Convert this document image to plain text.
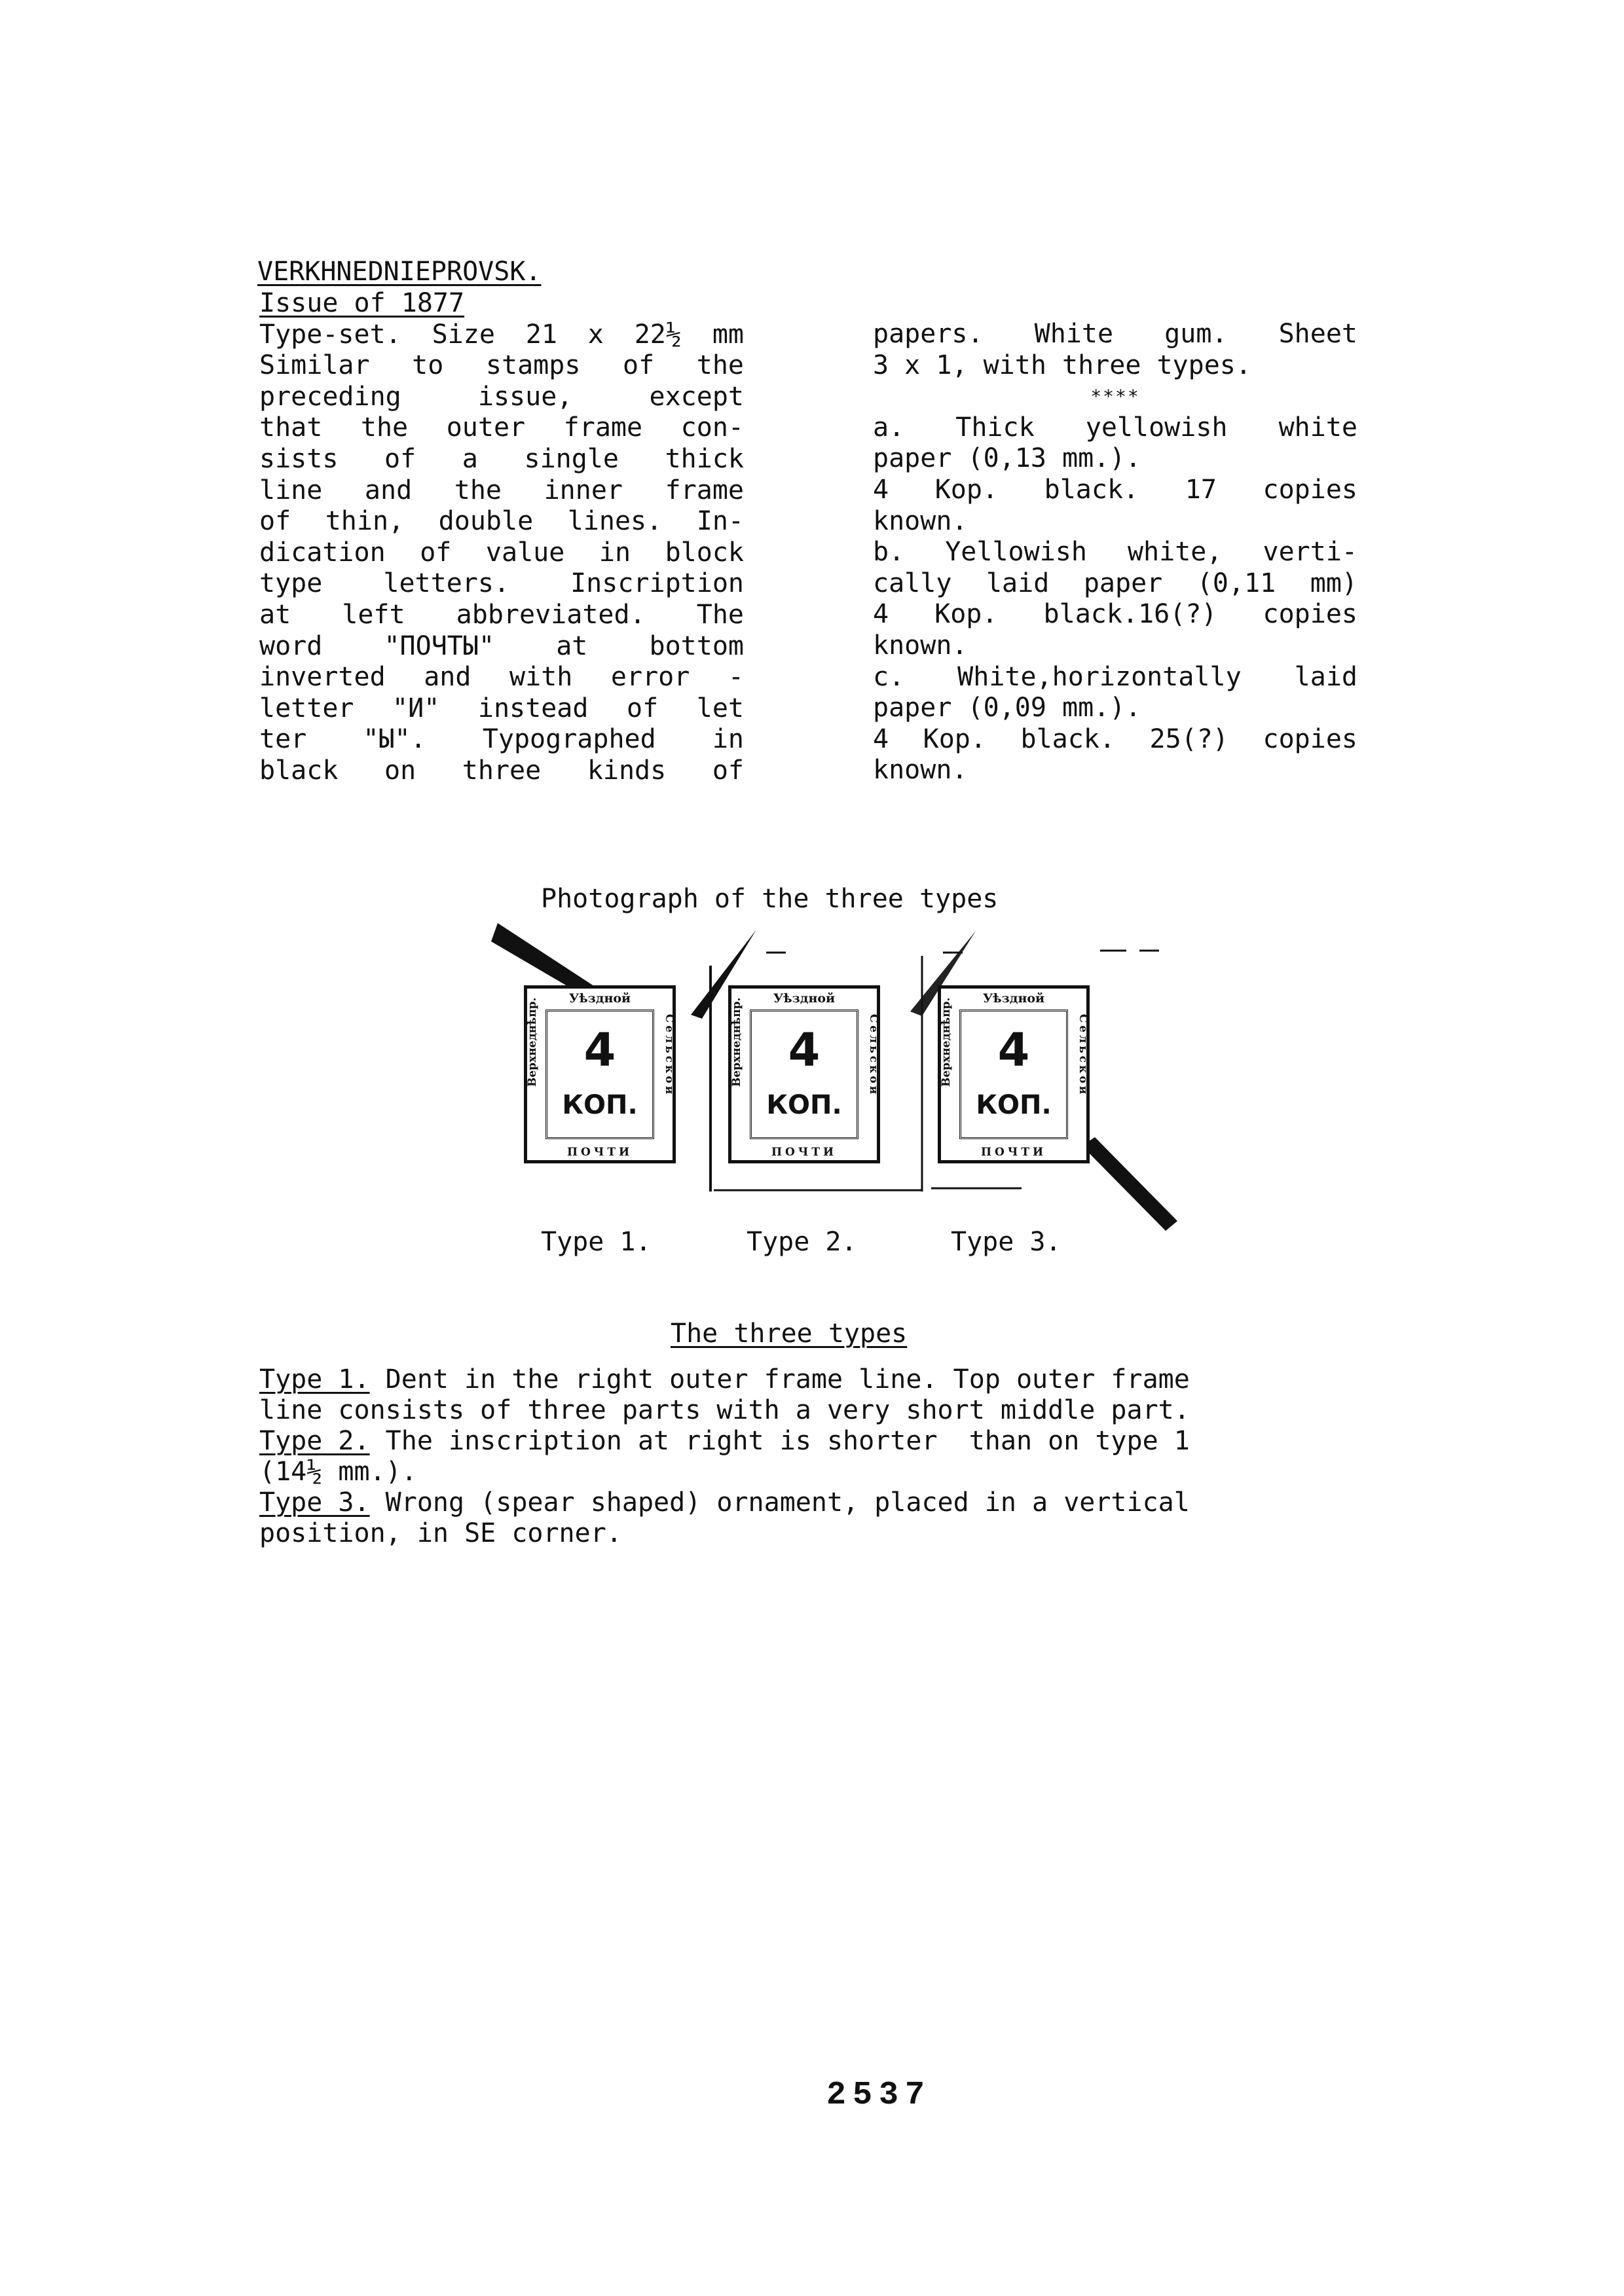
VERKHNEDNIEPROVSK.
Issue of 1877
Type-set. Size 21 x 22½ mm
Similar to stamps of the
preceding issue, except
that the outer frame con-
sists of a single thick
line and the inner frame
of thin, double lines. In-
dication of value in block
type letters. Inscription
at left abbreviated. The
word "ПОЧТЫ" at bottom
inverted and with error -
letter "И" instead of let
ter "Ы". Typographed in
black on three kinds of
papers. White gum. Sheet
3 x 1, with three types.
****
a. Thick yellowish white
paper (0,13 mm.).
4 Kop. black. 17 copies
known.
b. Yellowish white, verti-
cally laid paper (0,11 mm)
4 Kop. black.16(?) copies
known.
c. White,horizontally laid
paper (0,09 mm.).
4 Kop. black. 25(?) copies
known.
Photograph of the three types
Уѣздной
Верхнеднѣпр.	Сельской
4
КОП.
ПОЧТИ
Уѣздной
Верхнеднѣпр.	Сельской
4
КОП.
ПОЧТИ
Уѣздной
Верхнеднѣпр.	Сельской
4
КОП.
ПОЧТИ
Type 1.	Type 2.	Type 3.
The three types
Type 1. Dent in the right outer frame line. Top outer frame
line consists of three parts with a very short middle part.
Type 2. The inscription at right is shorter  than on type 1
(14½ mm.).
Type 3. Wrong (spear shaped) ornament, placed in a vertical
position, in SE corner.
2537
